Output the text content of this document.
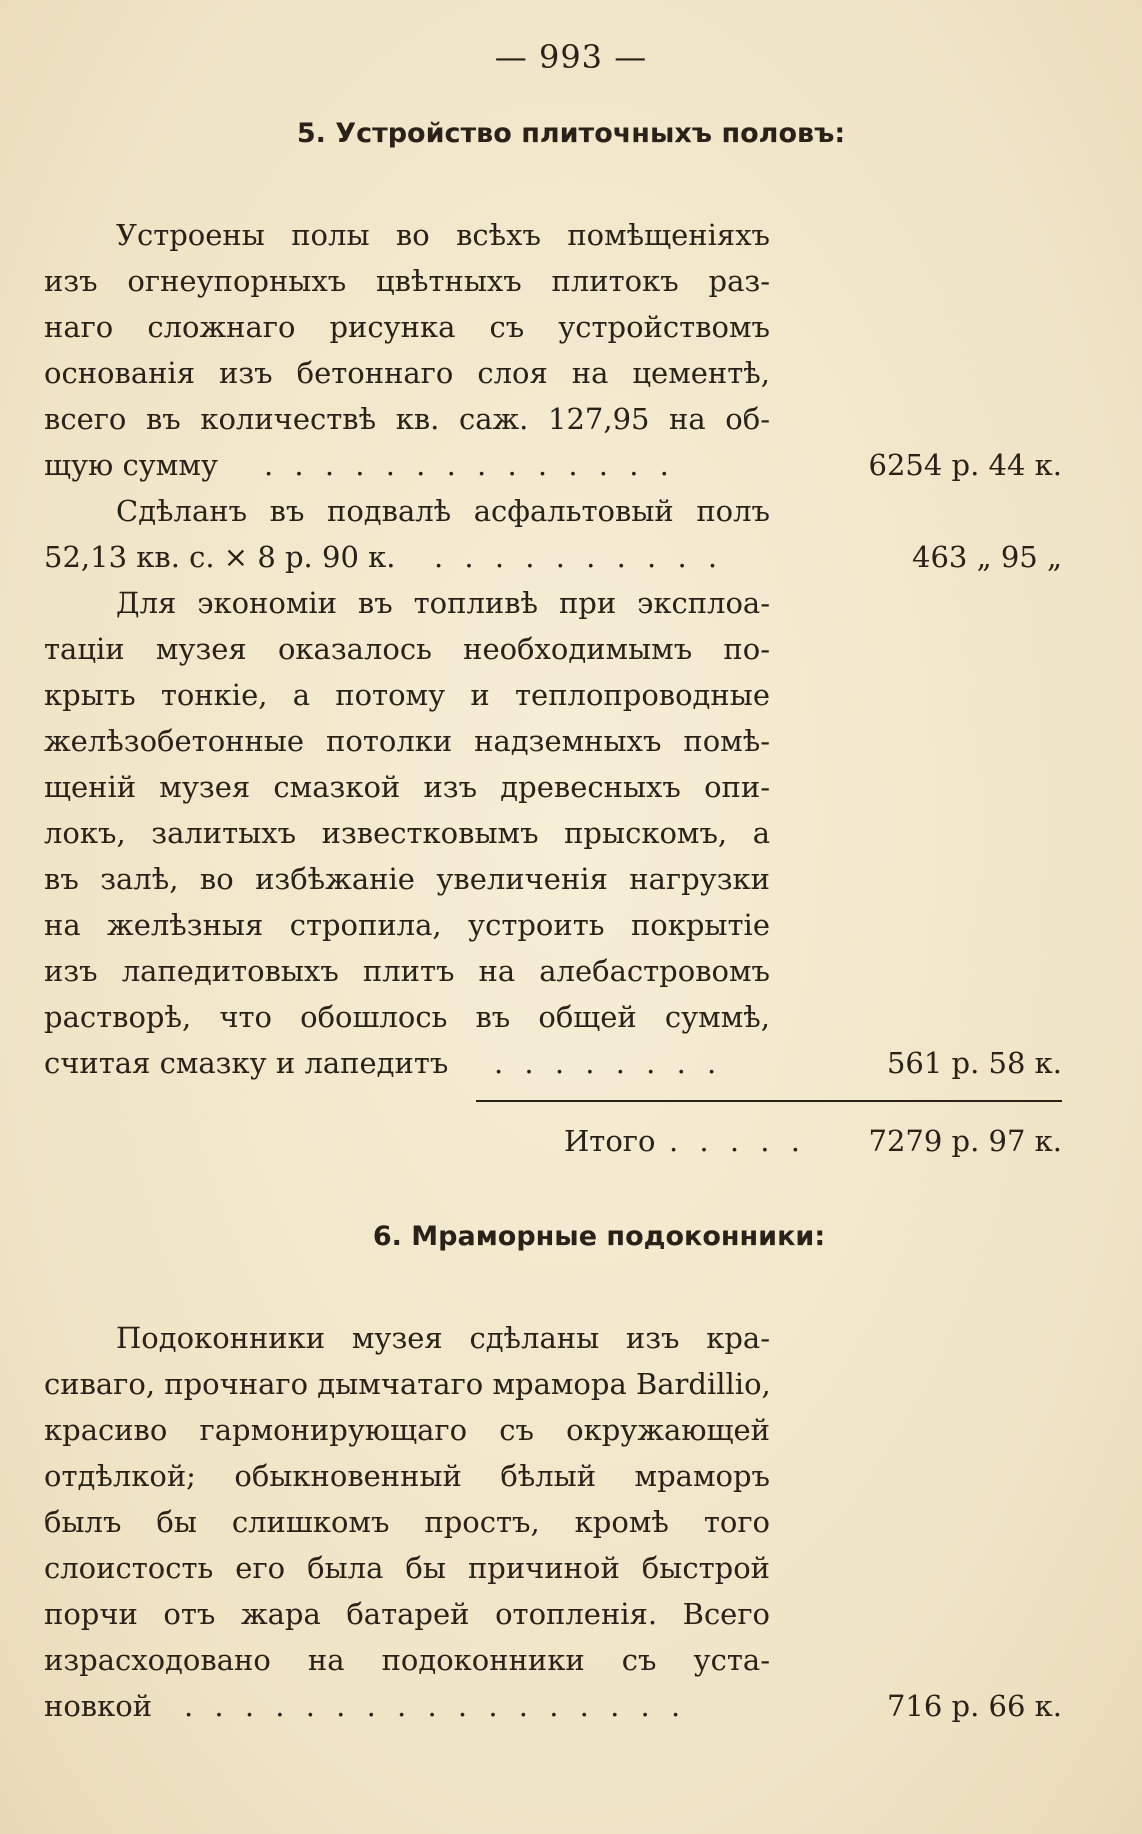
— 993 —
5. Устройство плиточныхъ половъ:
Устроены полы во всѣхъ помѣщеніяхъ
изъ огнеупорныхъ цвѣтныхъ плитокъ раз-
наго сложнаго рисунка съ устройствомъ
основанія изъ бетоннаго слоя на цементѣ,
всего въ количествѣ кв. саж. 127,95 на об-
щую сумму . . . . . . . . . . . . . .	6254 р. 44 к.
Сдѣланъ въ подвалѣ асфальтовый полъ
52,13 кв. с. × 8 р. 90 к. . . . . . . . . . .	463 „ 95 „
Для экономіи въ топливѣ при эксплоа-
таціи музея оказалось необходимымъ по-
крыть тонкіе, а потому и теплопроводные
желѣзобетонные потолки надземныхъ помѣ-
щеній музея смазкой изъ древесныхъ опи-
локъ, залитыхъ известковымъ прыскомъ, а
въ залѣ, во избѣжаніе увеличенія нагрузки
на желѣзныя стропила, устроить покрытіе
изъ лапедитовыхъ плитъ на алебастровомъ
растворѣ, что обошлось въ общей суммѣ,
считая смазку и лапедитъ . . . . . . . .	561 р. 58 к.
Итого . . . . . 7279 р. 97 к.
6. Мраморные подоконники:
Подоконники музея сдѣланы изъ кра-
сиваго, прочнаго дымчатаго мрамора Bardillio,
красиво гармонирующаго съ окружающей
отдѣлкой; обыкновенный бѣлый мраморъ
былъ бы слишкомъ простъ, кромѣ того
слоистость его была бы причиной быстрой
порчи отъ жара батарей отопленія. Всего
израсходовано на подоконники съ уста-
новкой . . . . . . . . . . . . . . . . .	716 р. 66 к.
